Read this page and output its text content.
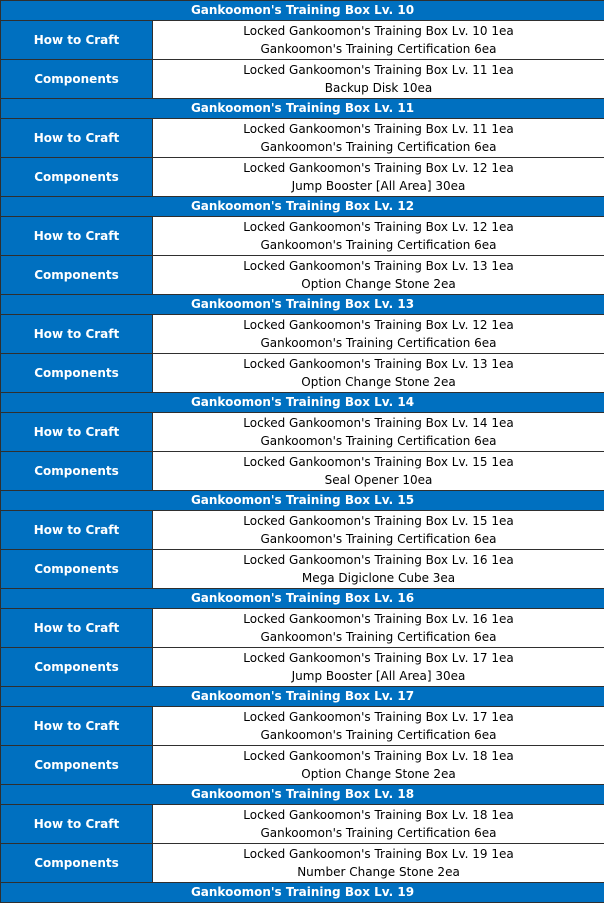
Gankoomon's Training Box Lv. 10	
How to Craft	Locked Gankoomon's Training Box Lv. 10 1ea
Gankoomon's Training Certification 6ea

Components	Locked Gankoomon's Training Box Lv. 11 1ea
Backup Disk 10ea

Gankoomon's Training Box Lv. 11	
How to Craft	Locked Gankoomon's Training Box Lv. 11 1ea
Gankoomon's Training Certification 6ea

Components	Locked Gankoomon's Training Box Lv. 12 1ea
Jump Booster [All Area] 30ea

Gankoomon's Training Box Lv. 12	
How to Craft	Locked Gankoomon's Training Box Lv. 12 1ea
Gankoomon's Training Certification 6ea

Components	Locked Gankoomon's Training Box Lv. 13 1ea
Option Change Stone 2ea

Gankoomon's Training Box Lv. 13	
How to Craft	Locked Gankoomon's Training Box Lv. 12 1ea
Gankoomon's Training Certification 6ea

Components	Locked Gankoomon's Training Box Lv. 13 1ea
Option Change Stone 2ea

Gankoomon's Training Box Lv. 14	
How to Craft	Locked Gankoomon's Training Box Lv. 14 1ea
Gankoomon's Training Certification 6ea

Components	Locked Gankoomon's Training Box Lv. 15 1ea
Seal Opener 10ea

Gankoomon's Training Box Lv. 15	
How to Craft	Locked Gankoomon's Training Box Lv. 15 1ea
Gankoomon's Training Certification 6ea

Components	Locked Gankoomon's Training Box Lv. 16 1ea
Mega Digiclone Cube 3ea

Gankoomon's Training Box Lv. 16	
How to Craft	Locked Gankoomon's Training Box Lv. 16 1ea
Gankoomon's Training Certification 6ea

Components	Locked Gankoomon's Training Box Lv. 17 1ea
Jump Booster [All Area] 30ea

Gankoomon's Training Box Lv. 17	
How to Craft	Locked Gankoomon's Training Box Lv. 17 1ea
Gankoomon's Training Certification 6ea

Components	Locked Gankoomon's Training Box Lv. 18 1ea
Option Change Stone 2ea

Gankoomon's Training Box Lv. 18	
How to Craft	Locked Gankoomon's Training Box Lv. 18 1ea
Gankoomon's Training Certification 6ea

Components	Locked Gankoomon's Training Box Lv. 19 1ea
Number Change Stone 2ea

Gankoomon's Training Box Lv. 19	
